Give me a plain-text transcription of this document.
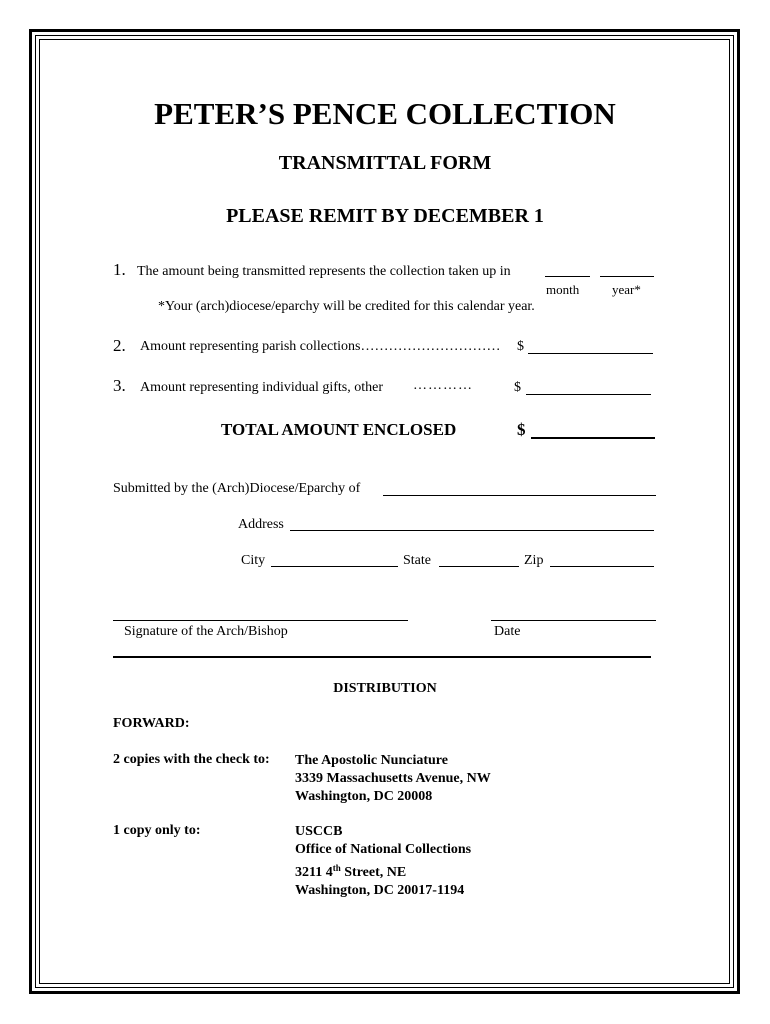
PETER’S PENCE COLLECTION
TRANSMITTAL FORM
PLEASE REMIT BY DECEMBER 1
1. The amount being transmitted represents the collection taken up in
month	year*
*Your (arch)diocese/eparchy will be credited for this calendar year.
2. Amount representing parish collections………………………… $
3. Amount representing individual gifts, other …………	$
TOTAL AMOUNT ENCLOSED	$
Submitted by the (Arch)Diocese/Eparchy of
Address
City	State	Zip
Signature of the Arch/Bishop	Date
DISTRIBUTION
FORWARD:
2 copies with the check to: The Apostolic Nunciature
3339 Massachusetts Avenue, NW
Washington, DC 20008
1 copy only to:	USCCB
Office of National Collections
3211 4th Street, NE
Washington, DC 20017-1194
